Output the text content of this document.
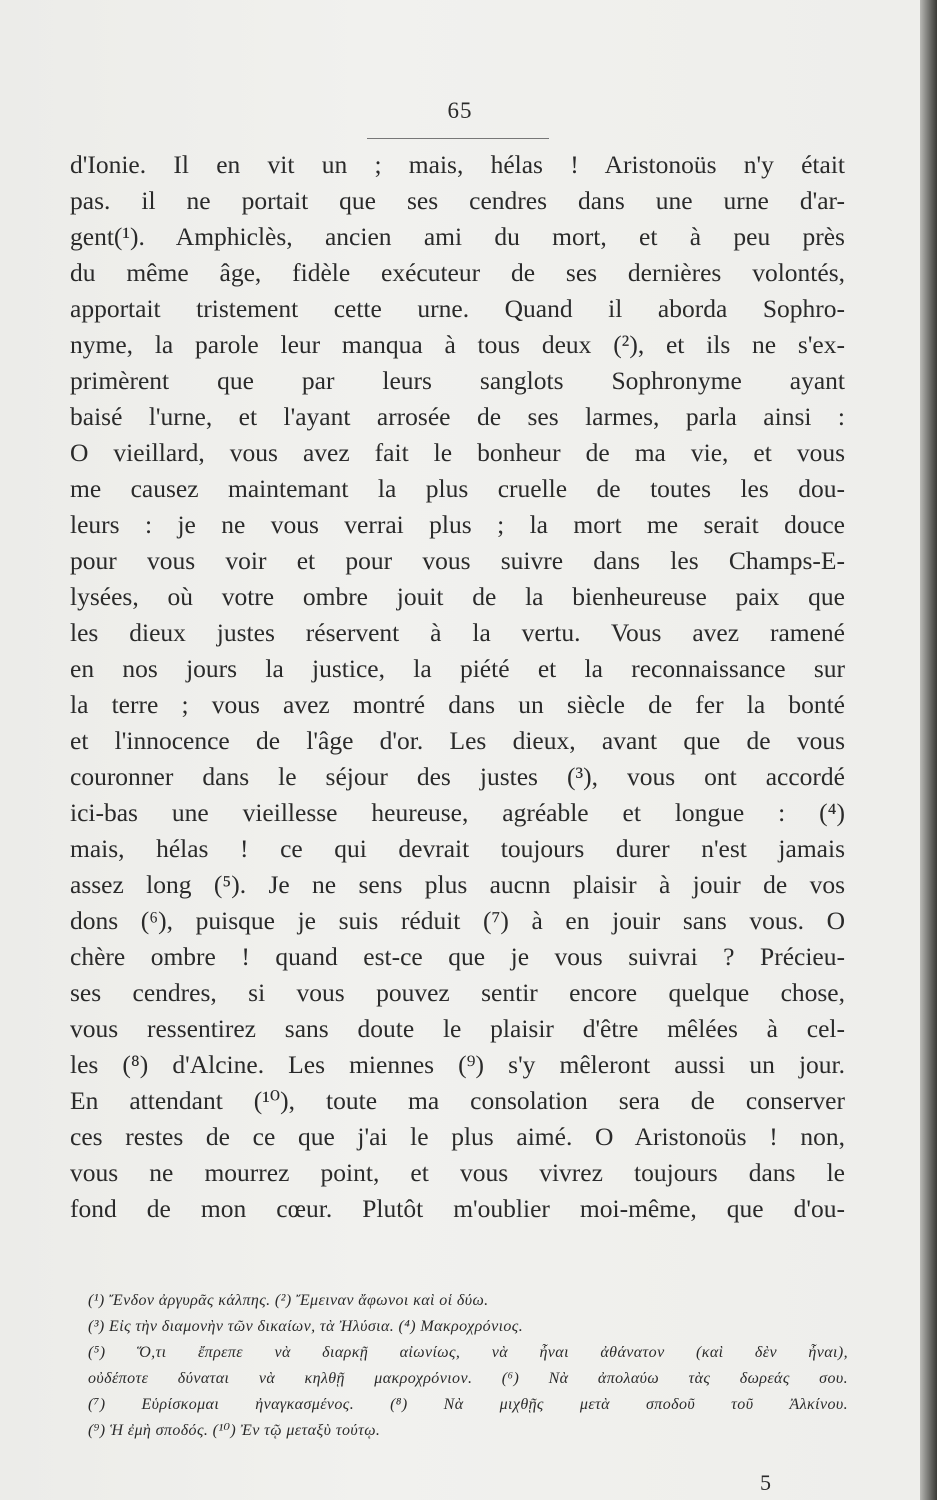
65
d'Ionie. Il en vit un ; mais, hélas ! Aristonoüs n'y était
pas. il ne portait que ses cendres dans une urne d'ar-
gent(¹). Amphiclès, ancien ami du mort, et à peu près
du même âge, fidèle exécuteur de ses dernières volontés,
apportait tristement cette urne. Quand il aborda Sophro-
nyme, la parole leur manqua à tous deux (²), et ils ne s'ex-
primèrent que par leurs sanglots Sophronyme ayant
baisé l'urne, et l'ayant arrosée de ses larmes, parla ainsi :
O vieillard, vous avez fait le bonheur de ma vie, et vous
me causez maintemant la plus cruelle de toutes les dou-
leurs : je ne vous verrai plus ; la mort me serait douce
pour vous voir et pour vous suivre dans les Champs-E-
lysées, où votre ombre jouit de la bienheureuse paix que
les dieux justes réservent à la vertu. Vous avez ramené
en nos jours la justice, la piété et la reconnaissance sur
la terre ; vous avez montré dans un siècle de fer la bonté
et l'innocence de l'âge d'or. Les dieux, avant que de vous
couronner dans le séjour des justes (³), vous ont accordé
ici-bas une vieillesse heureuse, agréable et longue : (⁴)
mais, hélas ! ce qui devrait toujours durer n'est jamais
assez long (⁵). Je ne sens plus aucnn plaisir à jouir de vos
dons (⁶), puisque je suis réduit (⁷) à en jouir sans vous. O
chère ombre ! quand est-ce que je vous suivrai ? Précieu-
ses cendres, si vous pouvez sentir encore quelque chose,
vous ressentirez sans doute le plaisir d'être mêlées à cel-
les (⁸) d'Alcine. Les miennes (⁹) s'y mêleront aussi un jour.
En attendant (¹⁰), toute ma consolation sera de conserver
ces restes de ce que j'ai le plus aimé. O Aristonoüs ! non,
vous ne mourrez point, et vous vivrez toujours dans le
fond de mon cœur. Plutôt m'oublier moi-même, que d'ou-
(¹) Ἔνδον ἀργυρᾶς κάλπης. (²) Ἔμειναν ἄφωνοι καὶ οἱ δύω.
(³) Εἰς τὴν διαμονὴν τῶν δικαίων, τὰ Ἠλύσια. (⁴) Μακροχρόνιος.
(⁵) Ὅ,τι ἔπρεπε νὰ διαρκῇ αἰωνίως, νὰ ἦναι ἀθάνατον (καὶ δὲν ἦναι),
οὐδέποτε δύναται νὰ κηλθῇ μακροχρόνιον. (⁶) Νὰ ἀπολαύω τὰς δωρεάς σου.
(⁷) Εὑρίσκομαι ἠναγκασμένος. (⁸) Νὰ μιχθῇς μετὰ σποδοῦ τοῦ Ἀλκίνου.
(⁹) Ἡ ἐμὴ σποδός. (¹⁰) Ἐν τῷ μεταξὺ τούτῳ.
5
